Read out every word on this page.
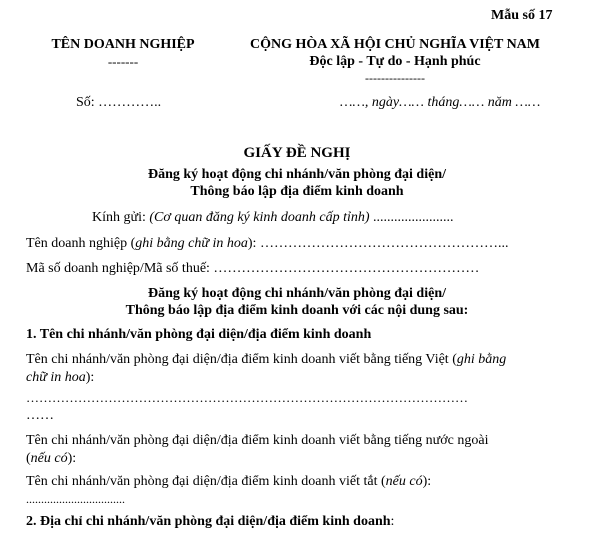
Mẫu số 17
TÊN DOANH NGHIỆP
-------
CỘNG HÒA XÃ HỘI CHỦ NGHĨA VIỆT NAM
Độc lập - Tự do - Hạnh phúc
---------------
Số: …………..	……, ngày…… tháng…… năm ……
GIẤY ĐỀ NGHỊ
Đăng ký hoạt động chi nhánh/văn phòng đại diện/
Thông báo lập địa điểm kinh doanh
Kính gửi: (Cơ quan đăng ký kinh doanh cấp tỉnh) .......................
Tên doanh nghiệp (ghi bằng chữ in hoa): ……………………………………………...
Mã số doanh nghiệp/Mã số thuế: …………………………………………………
Đăng ký hoạt động chi nhánh/văn phòng đại diện/
Thông báo lập địa điểm kinh doanh với các nội dung sau:
1. Tên chi nhánh/văn phòng đại diện/địa điểm kinh doanh
Tên chi nhánh/văn phòng đại diện/địa điểm kinh doanh viết bằng tiếng Việt (ghi bằng
chữ in hoa):
…………………………………………………………………………………………
……
Tên chi nhánh/văn phòng đại diện/địa điểm kinh doanh viết bằng tiếng nước ngoài
(nếu có):
Tên chi nhánh/văn phòng đại diện/địa điểm kinh doanh viết tắt (nếu có):
.................................
2. Địa chỉ chi nhánh/văn phòng đại diện/địa điểm kinh doanh:
